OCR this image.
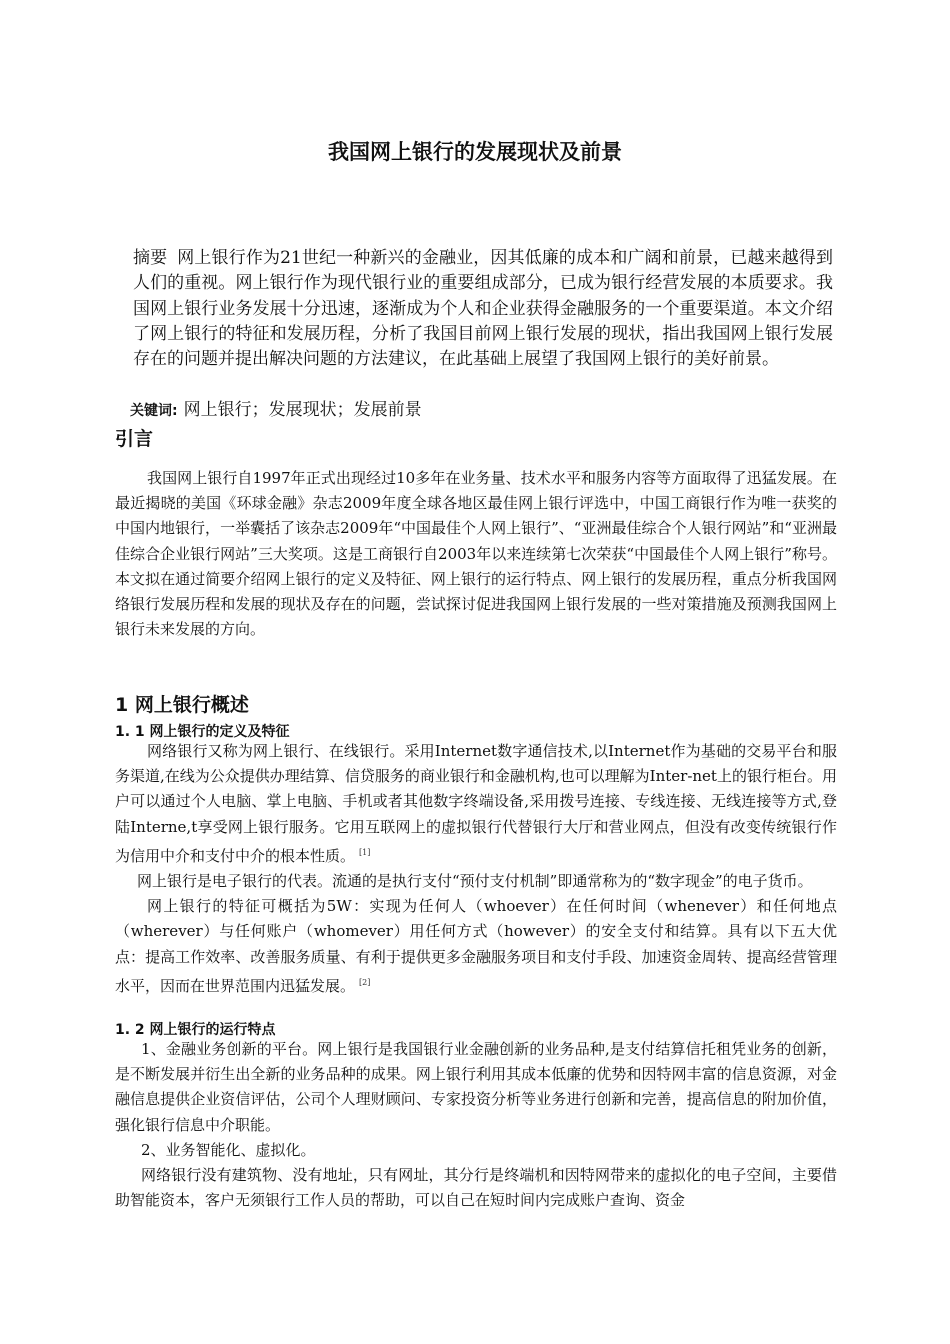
我国网上银行的发展现状及前景
摘要 网上银行作为21世纪一种新兴的金融业，因其低廉的成本和广阔和前景，已越来越得到人们的重视。网上银行作为现代银行业的重要组成部分，已成为银行经营发展的本质要求。我国网上银行业务发展十分迅速，逐渐成为个人和企业获得金融服务的一个重要渠道。本文介绍了网上银行的特征和发展历程，分析了我国目前网上银行发展的现状，指出我国网上银行发展存在的问题并提出解决问题的方法建议，在此基础上展望了我国网上银行的美好前景。
关键词: 网上银行；发展现状；发展前景
引言

我国网上银行自1997年正式出现经过10多年在业务量、技术水平和服务内容等方面取得了迅猛发展。在最近揭晓的美国《环球金融》杂志2009年度全球各地区最佳网上银行评选中，中国工商银行作为唯一获奖的中国内地银行，一举囊括了该杂志2009年“中国最佳个人网上银行”、“亚洲最佳综合个人银行网站”和“亚洲最佳综合企业银行网站”三大奖项。这是工商银行自2003年以来连续第七次荣获“中国最佳个人网上银行”称号。本文拟在通过简要介绍网上银行的定义及特征、网上银行的运行特点、网上银行的发展历程，重点分析我国网络银行发展历程和发展的现状及存在的问题，尝试探讨促进我国网上银行发展的一些对策措施及预测我国网上银行未来发展的方向。

1 网上银行概述
1. 1 网上银行的定义及特征

网络银行又称为网上银行、在线银行。采用Internet数字通信技术,以Internet作为基础的交易平台和服务渠道,在线为公众提供办理结算、信贷服务的商业银行和金融机构,也可以理解为Inter-net上的银行柜台。用户可以通过个人电脑、掌上电脑、手机或者其他数字终端设备,采用拨号连接、专线连接、无线连接等方式,登陆Interne,t享受网上银行服务。它用互联网上的虚拟银行代替银行大厅和营业网点，但没有改变传统银行作为信用中介和支付中介的根本性质。 [1]

网上银行是电子银行的代表。流通的是执行支付“预付支付机制”即通常称为的“数字现金”的电子货币。

网上银行的特征可概括为5W：实现为任何人（whoever）在任何时间（whenever）和任何地点（wherever）与任何账户（whomever）用任何方式（however）的安全支付和结算。具有以下五大优点：提高工作效率、改善服务质量、有利于提供更多金融服务项目和支付手段、加速资金周转、提高经营管理水平，因而在世界范围内迅猛发展。 [2]

1. 2 网上银行的运行特点

1、金融业务创新的平台。网上银行是我国银行业金融创新的业务品种,是支付结算信托租凭业务的创新，是不断发展并衍生出全新的业务品种的成果。网上银行利用其成本低廉的优势和因特网丰富的信息资源，对金融信息提供企业资信评估，公司个人理财顾问、专家投资分析等业务进行创新和完善，提高信息的附加价值，强化银行信息中介职能。

2、业务智能化、虚拟化。

网络银行没有建筑物、没有地址，只有网址，其分行是终端机和因特网带来的虚拟化的电子空间，主要借助智能资本，客户无须银行工作人员的帮助，可以自己在短时间内完成账户查询、资金
